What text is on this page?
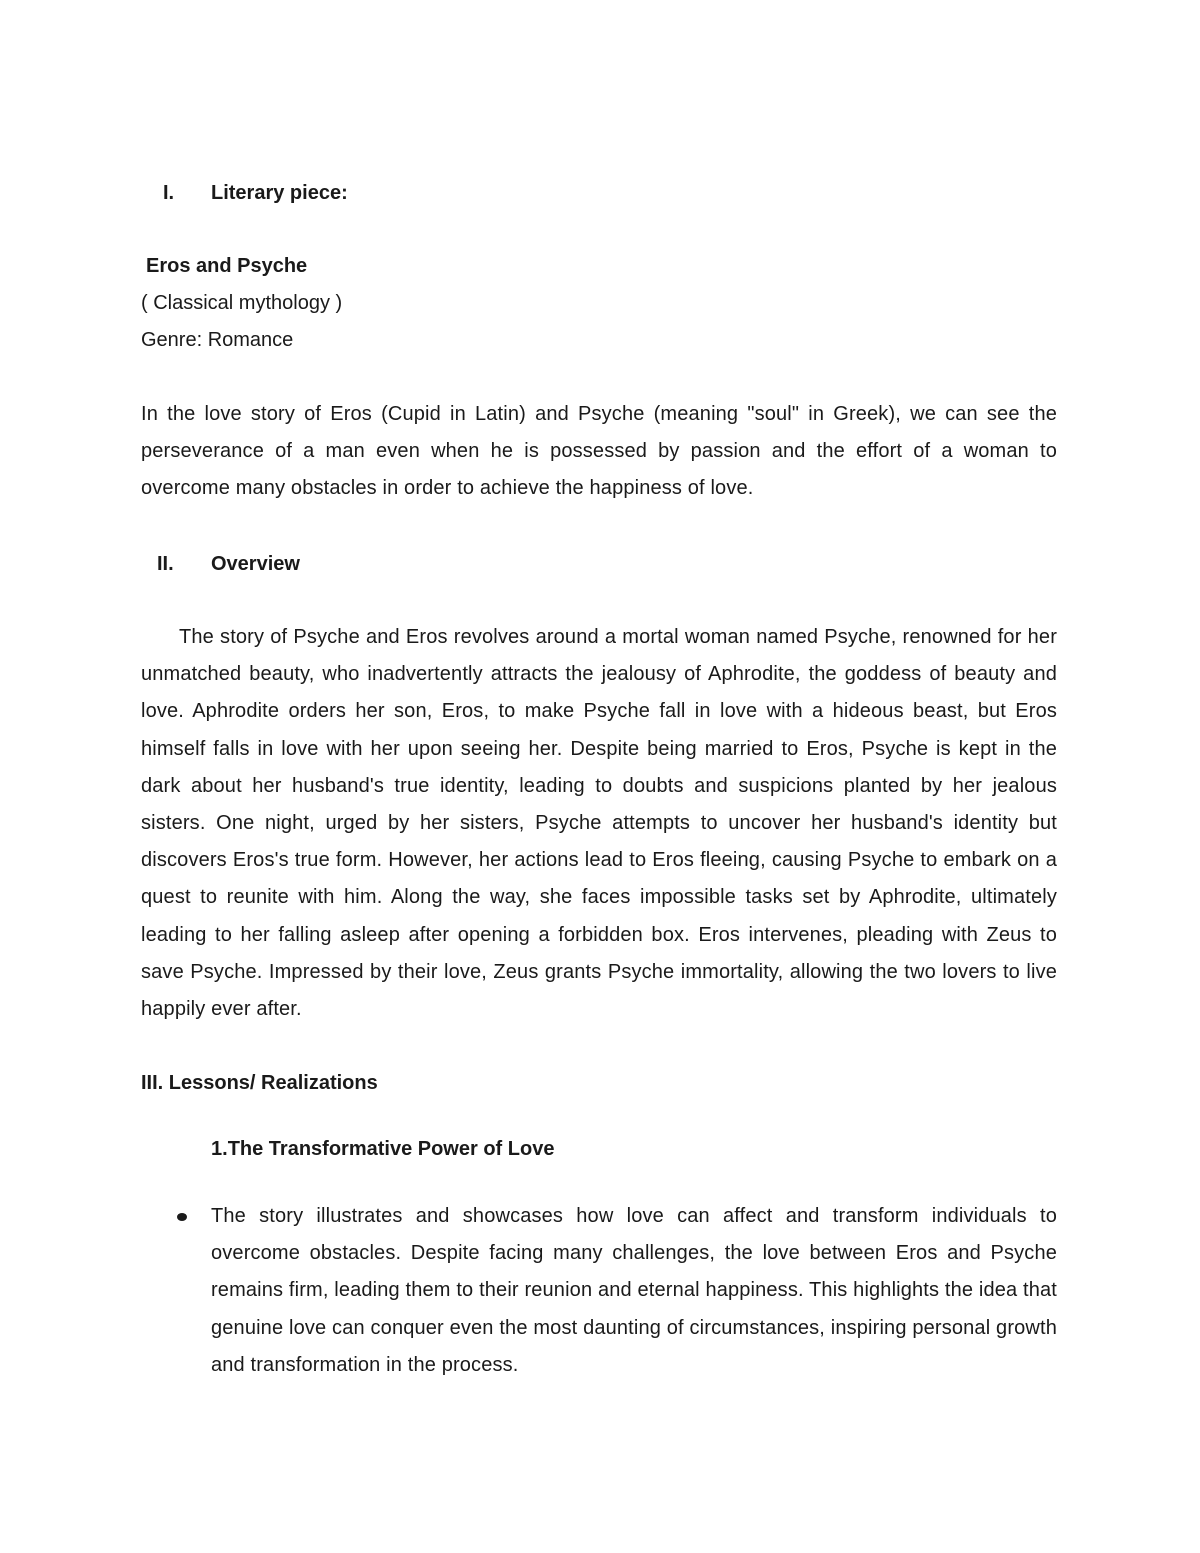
I. Literary piece:
Eros and Psyche
( Classical mythology )
Genre: Romance
In the love story of Eros (Cupid in Latin) and Psyche (meaning "soul" in Greek), we can see the perseverance of a man even when he is possessed by passion and the effort of a woman to overcome many obstacles in order to achieve the happiness of love.
II. Overview
The story of Psyche and Eros revolves around a mortal woman named Psyche, renowned for her unmatched beauty, who inadvertently attracts the jealousy of Aphrodite, the goddess of beauty and love. Aphrodite orders her son, Eros, to make Psyche fall in love with a hideous beast, but Eros himself falls in love with her upon seeing her. Despite being married to Eros, Psyche is kept in the dark about her husband's true identity, leading to doubts and suspicions planted by her jealous sisters. One night, urged by her sisters, Psyche attempts to uncover her husband's identity but discovers Eros's true form. However, her actions lead to Eros fleeing, causing Psyche to embark on a quest to reunite with him. Along the way, she faces impossible tasks set by Aphrodite, ultimately leading to her falling asleep after opening a forbidden box. Eros intervenes, pleading with Zeus to save Psyche. Impressed by their love, Zeus grants Psyche immortality, allowing the two lovers to live happily ever after.
III. Lessons/ Realizations
1.The Transformative Power of Love
The story illustrates and showcases how love can affect and transform individuals to overcome obstacles. Despite facing many challenges, the love between Eros and Psyche remains firm, leading them to their reunion and eternal happiness. This highlights the idea that genuine love can conquer even the most daunting of circumstances, inspiring personal growth and transformation in the process.
